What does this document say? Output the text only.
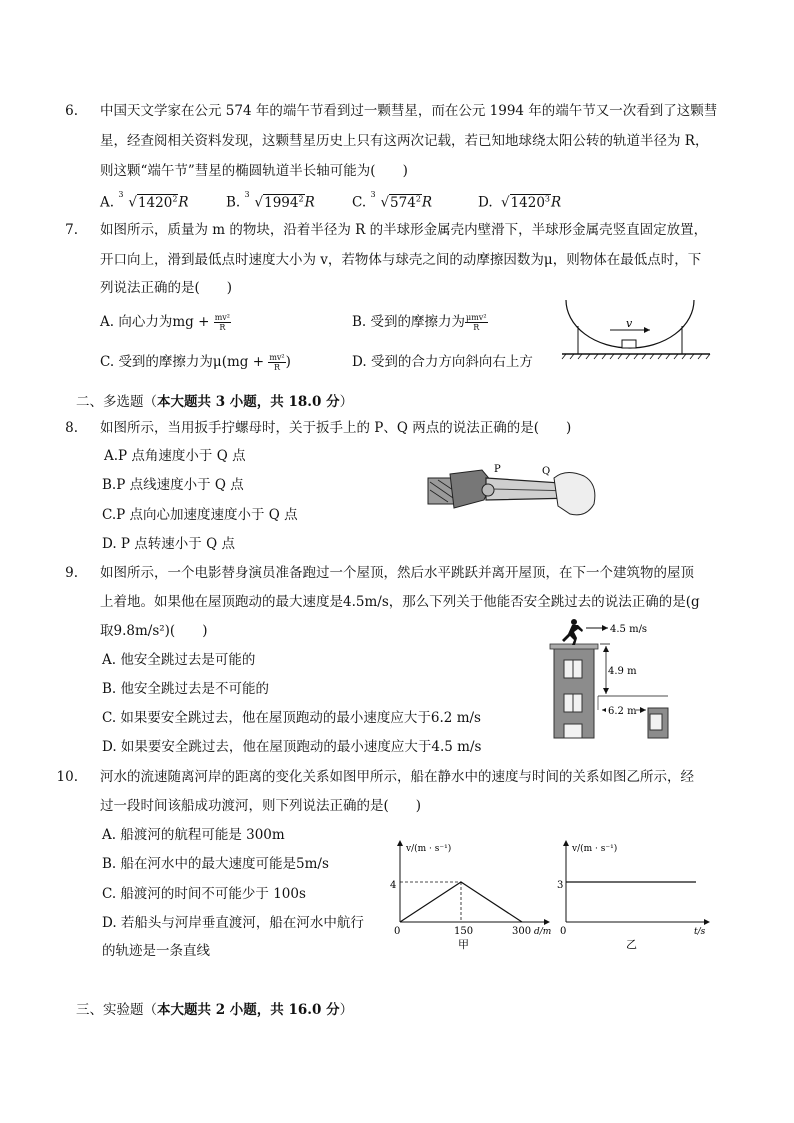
6. 中国天文学家在公元 574 年的端午节看到过一颗彗星，而在公元 1994 年的端午节又一次看到了这颗彗
星，经查阅相关资料发现，这颗彗星历史上只有这两次记载，若已知地球绕太阳公转的轨道半径为 R，
则这颗“端午节”彗星的椭圆轨道半长轴可能为(　　)
A. 3 √1420$^2$R	B. 3 √1994$^2$R	C. 3 $√574^2R$	D. √1420$^3$R
7. 如图所示，质量为 m 的物块，沿着半径为 R 的半球形金属壳内壁滑下，半球形金属壳竖直固定放置，
开口向上，滑到最低点时速度大小为 v，若物体与球壳之间的动摩擦因数为μ，则物体在最低点时，下
列说法正确的是(　　)
A. 向心力为mg + $\frac{\text{mv²}}{R}$	B. 受到的摩擦力为 $\frac{\text{μmv²}}{R}$
C. 受到的摩擦力为$\mu(mg + \frac{\text{mv²}}{R}$ )	D. 受到的合力方向斜向右上方
v
二、多选题（本大题共 3 小题，共 18.0 分）
8. 如图所示，当用扳手拧螺母时，关于扳手上的 P、Q 两点的说法正确的是(　　)
A.P 点角速度小于 Q 点
B.P 点线速度小于 Q 点
C.P 点向心加速度速度小于 Q 点
D. P 点转速小于 Q 点
P	Q
9. 如图所示，一个电影替身演员准备跑过一个屋顶，然后水平跳跃并离开屋顶，在下一个建筑物的屋顶
上着地。如果他在屋顶跑动的最大速度是4.5m/s，那么下列关于他能否安全跳过去的说法正确的是(g
取9.8m/s²)(　　)
A. 他安全跳过去是可能的
B. 他安全跳过去是不可能的
C. 如果要安全跳过去，他在屋顶跑动的最小速度应大于6.2 m/s
D. 如果要安全跳过去，他在屋顶跑动的最小速度应大于4.5 m/s
4.5 m/s
4.9 m
6.2 m
10. 河水的流速随离河岸的距离的变化关系如图甲所示，船在静水中的速度与时间的关系如图乙所示，经
过一段时间该船成功渡河，则下列说法正确的是(　　)
A. 船渡河的航程可能是 300m
B. 船在河水中的最大速度可能是5m/s
C. 船渡河的时间不可能少于 100s
D. 若船头与河岸垂直渡河，船在河水中航行
的轨迹是一条直线
v/(m · s⁻¹)
d/m
4
0	150	300
甲
v/(m · s⁻¹)
t/s
3
0
乙
三、实验题（本大题共 2 小题，共 16.0 分）
